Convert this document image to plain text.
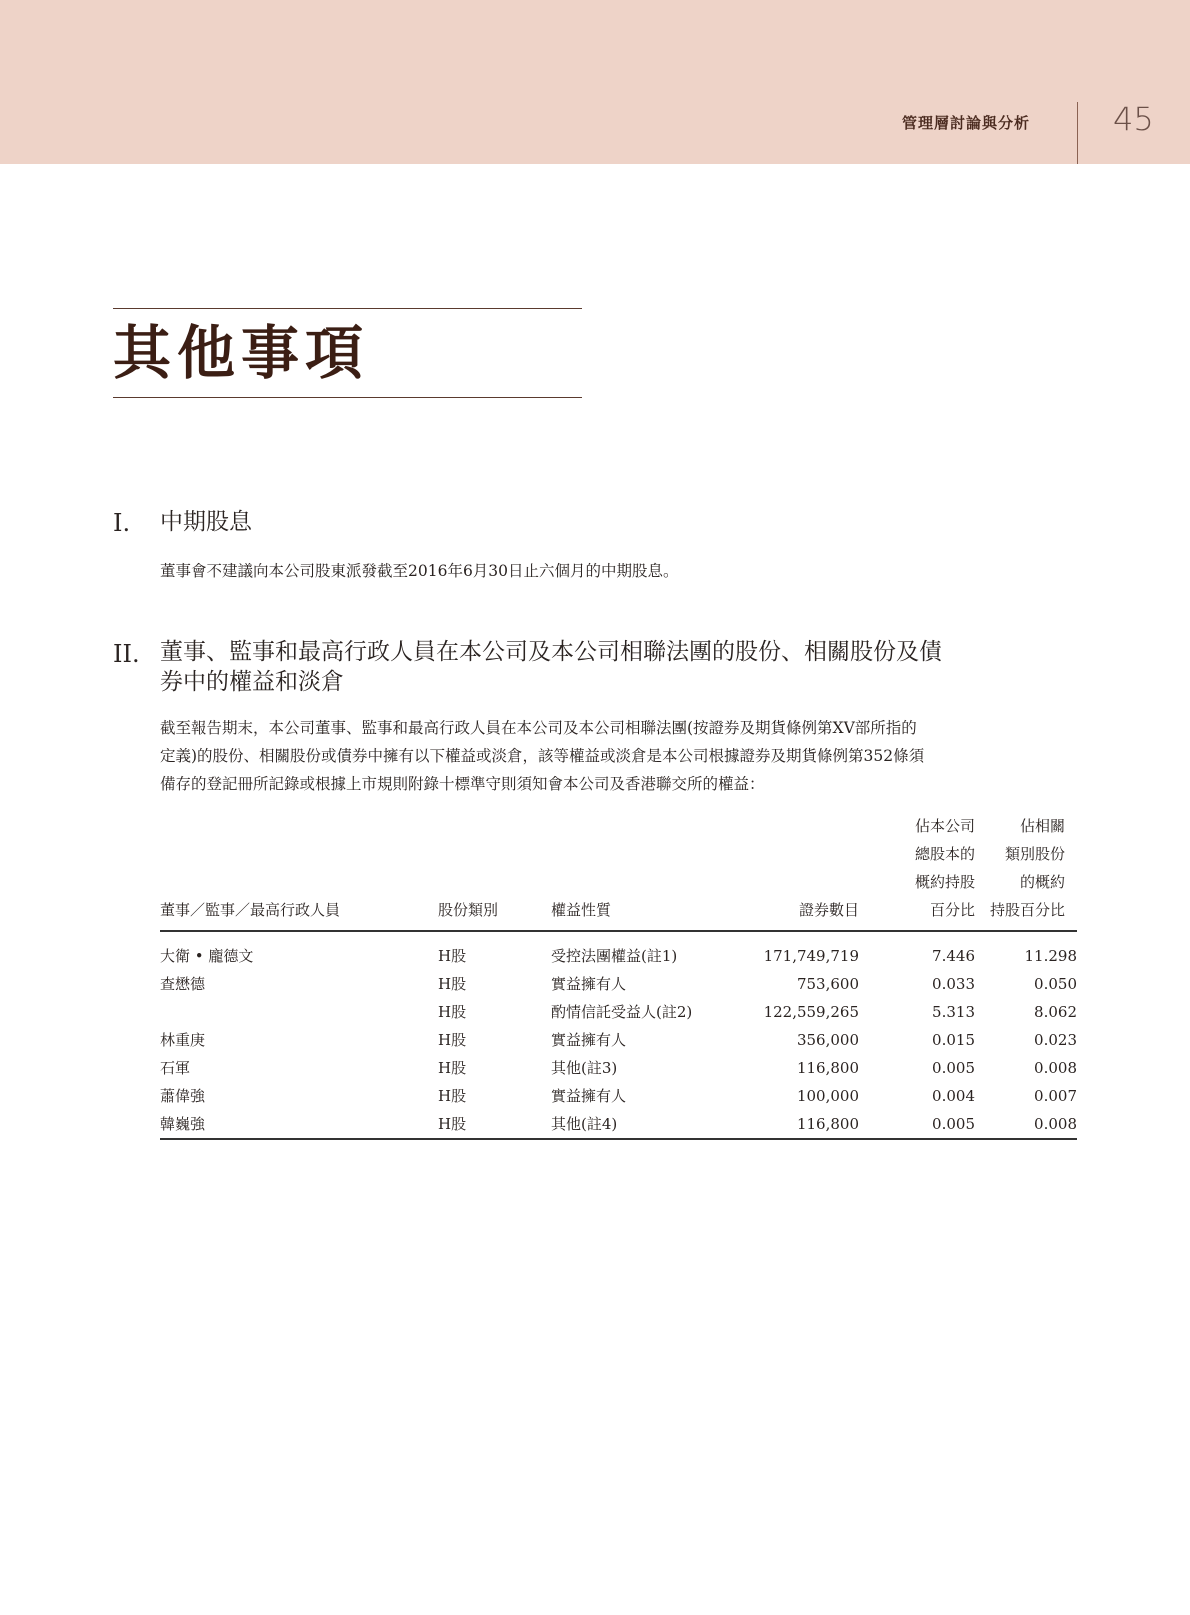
管理層討論與分析	45
其他事項
I. 中期股息
董事會不建議向本公司股東派發截至2016年6月30日止六個月的中期股息。
II. 董事、監事和最高行政人員在本公司及本公司相聯法團的股份、相關股份及債
券中的權益和淡倉
截至報告期末，本公司董事、監事和最高行政人員在本公司及本公司相聯法團(按證券及期貨條例第XV部所指的
定義)的股份、相關股份或債券中擁有以下權益或淡倉，該等權益或淡倉是本公司根據證券及期貨條例第352條須
備存的登記冊所記錄或根據上市規則附錄十標準守則須知會本公司及香港聯交所的權益：
董事／監事／最高行政人員	股份類別	權益性質	證券數目	佔本公司
總股本的
概約持股
百分比	佔相關
類別股份
的概約
持股百分比

大衛 • 龐德文	H股	受控法團權益(註1)	171,749,719	7.446	11.298
查懋德	H股	實益擁有人	753,600	0.033	0.050
	H股	酌情信託受益人(註2)	122,559,265	5.313	8.062
林重庚	H股	實益擁有人	356,000	0.015	0.023
石軍	H股	其他(註3)	116,800	0.005	0.008
蕭偉強	H股	實益擁有人	100,000	0.004	0.007
韓巍強	H股	其他(註4)	116,800	0.005	0.008
